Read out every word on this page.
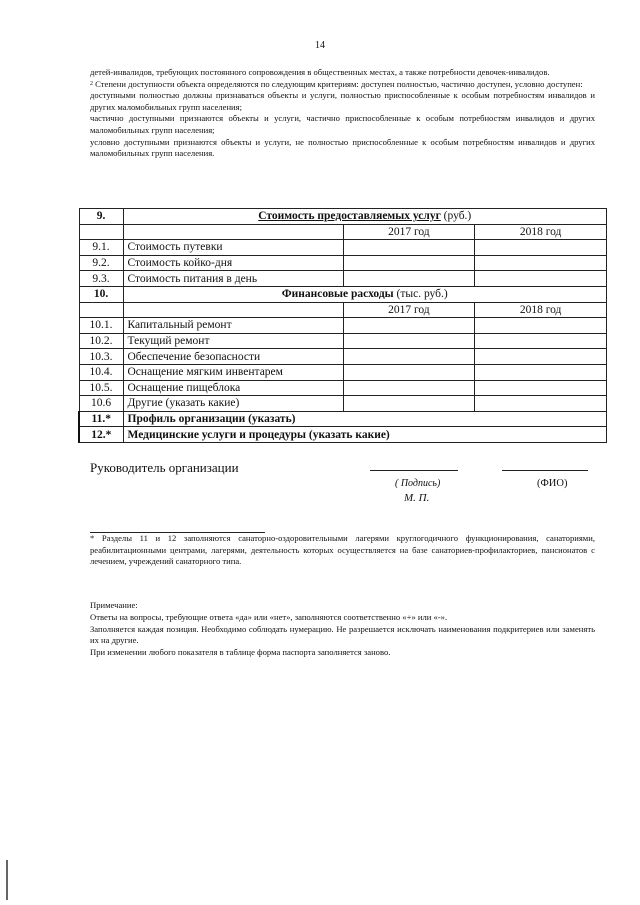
14

детей-инвалидов, требующих постоянного сопровождения в общественных местах, а также потребности девочек-инвалидов.

$^2$ Степени доступности объекта определяются по следующим критериям: доступен полностью, частично доступен, условно доступен:

доступными полностью должны признаваться объекты и услуги, полностью приспособленные к особым потребностям инвалидов и других маломобильных групп населения;

частично доступными признаются объекты и услуги, частично приспособленные к особым потребностям инвалидов и других маломобильных групп населения;

условно доступными признаются объекты и услуги, не полностью приспособленные к особым потребностям инвалидов и других маломобильных групп населения.

9.	Стоимость предоставляемых услуг (руб.)		
		2017 год	2018 год
9.1.	Стоимость путевки		
9.2.	Стоимость койко-дня		
9.3.	Стоимость питания в день		
10.	Финансовые расходы (тыс. руб.)		
		2017 год	2018 год
10.1.	Капитальный ремонт		
10.2.	Текущий ремонт		
10.3.	Обеспечение безопасности		
10.4.	Оснащение мягким инвентарем		
10.5.	Оснащение пищеблока		
10.6	Другие (указать какие)		
11.*	Профиль организации (указать)		
12.*	Медицинские услуги и процедуры (указать какие)		
Руководитель организации
( Подпись)	(ФИО)
М. П.
* Разделы 11 и 12 заполняются санаторно-оздоровительными лагерями круглогодичного функционирования, санаториями, реабилитационными центрами, лагерями, деятельность которых осуществляется на базе санаториев-профилакториев, пансионатов с лечением, учреждений санаторного типа.
Примечание:

Ответы на вопросы, требующие ответа «да» или «нет», заполняются соответственно «+» или «-».

Заполняется каждая позиция. Необходимо соблюдать нумерацию. Не разрешается исключать наименования подкритериев или заменять их на другие.

При изменении любого показателя в таблице форма паспорта заполняется заново.
